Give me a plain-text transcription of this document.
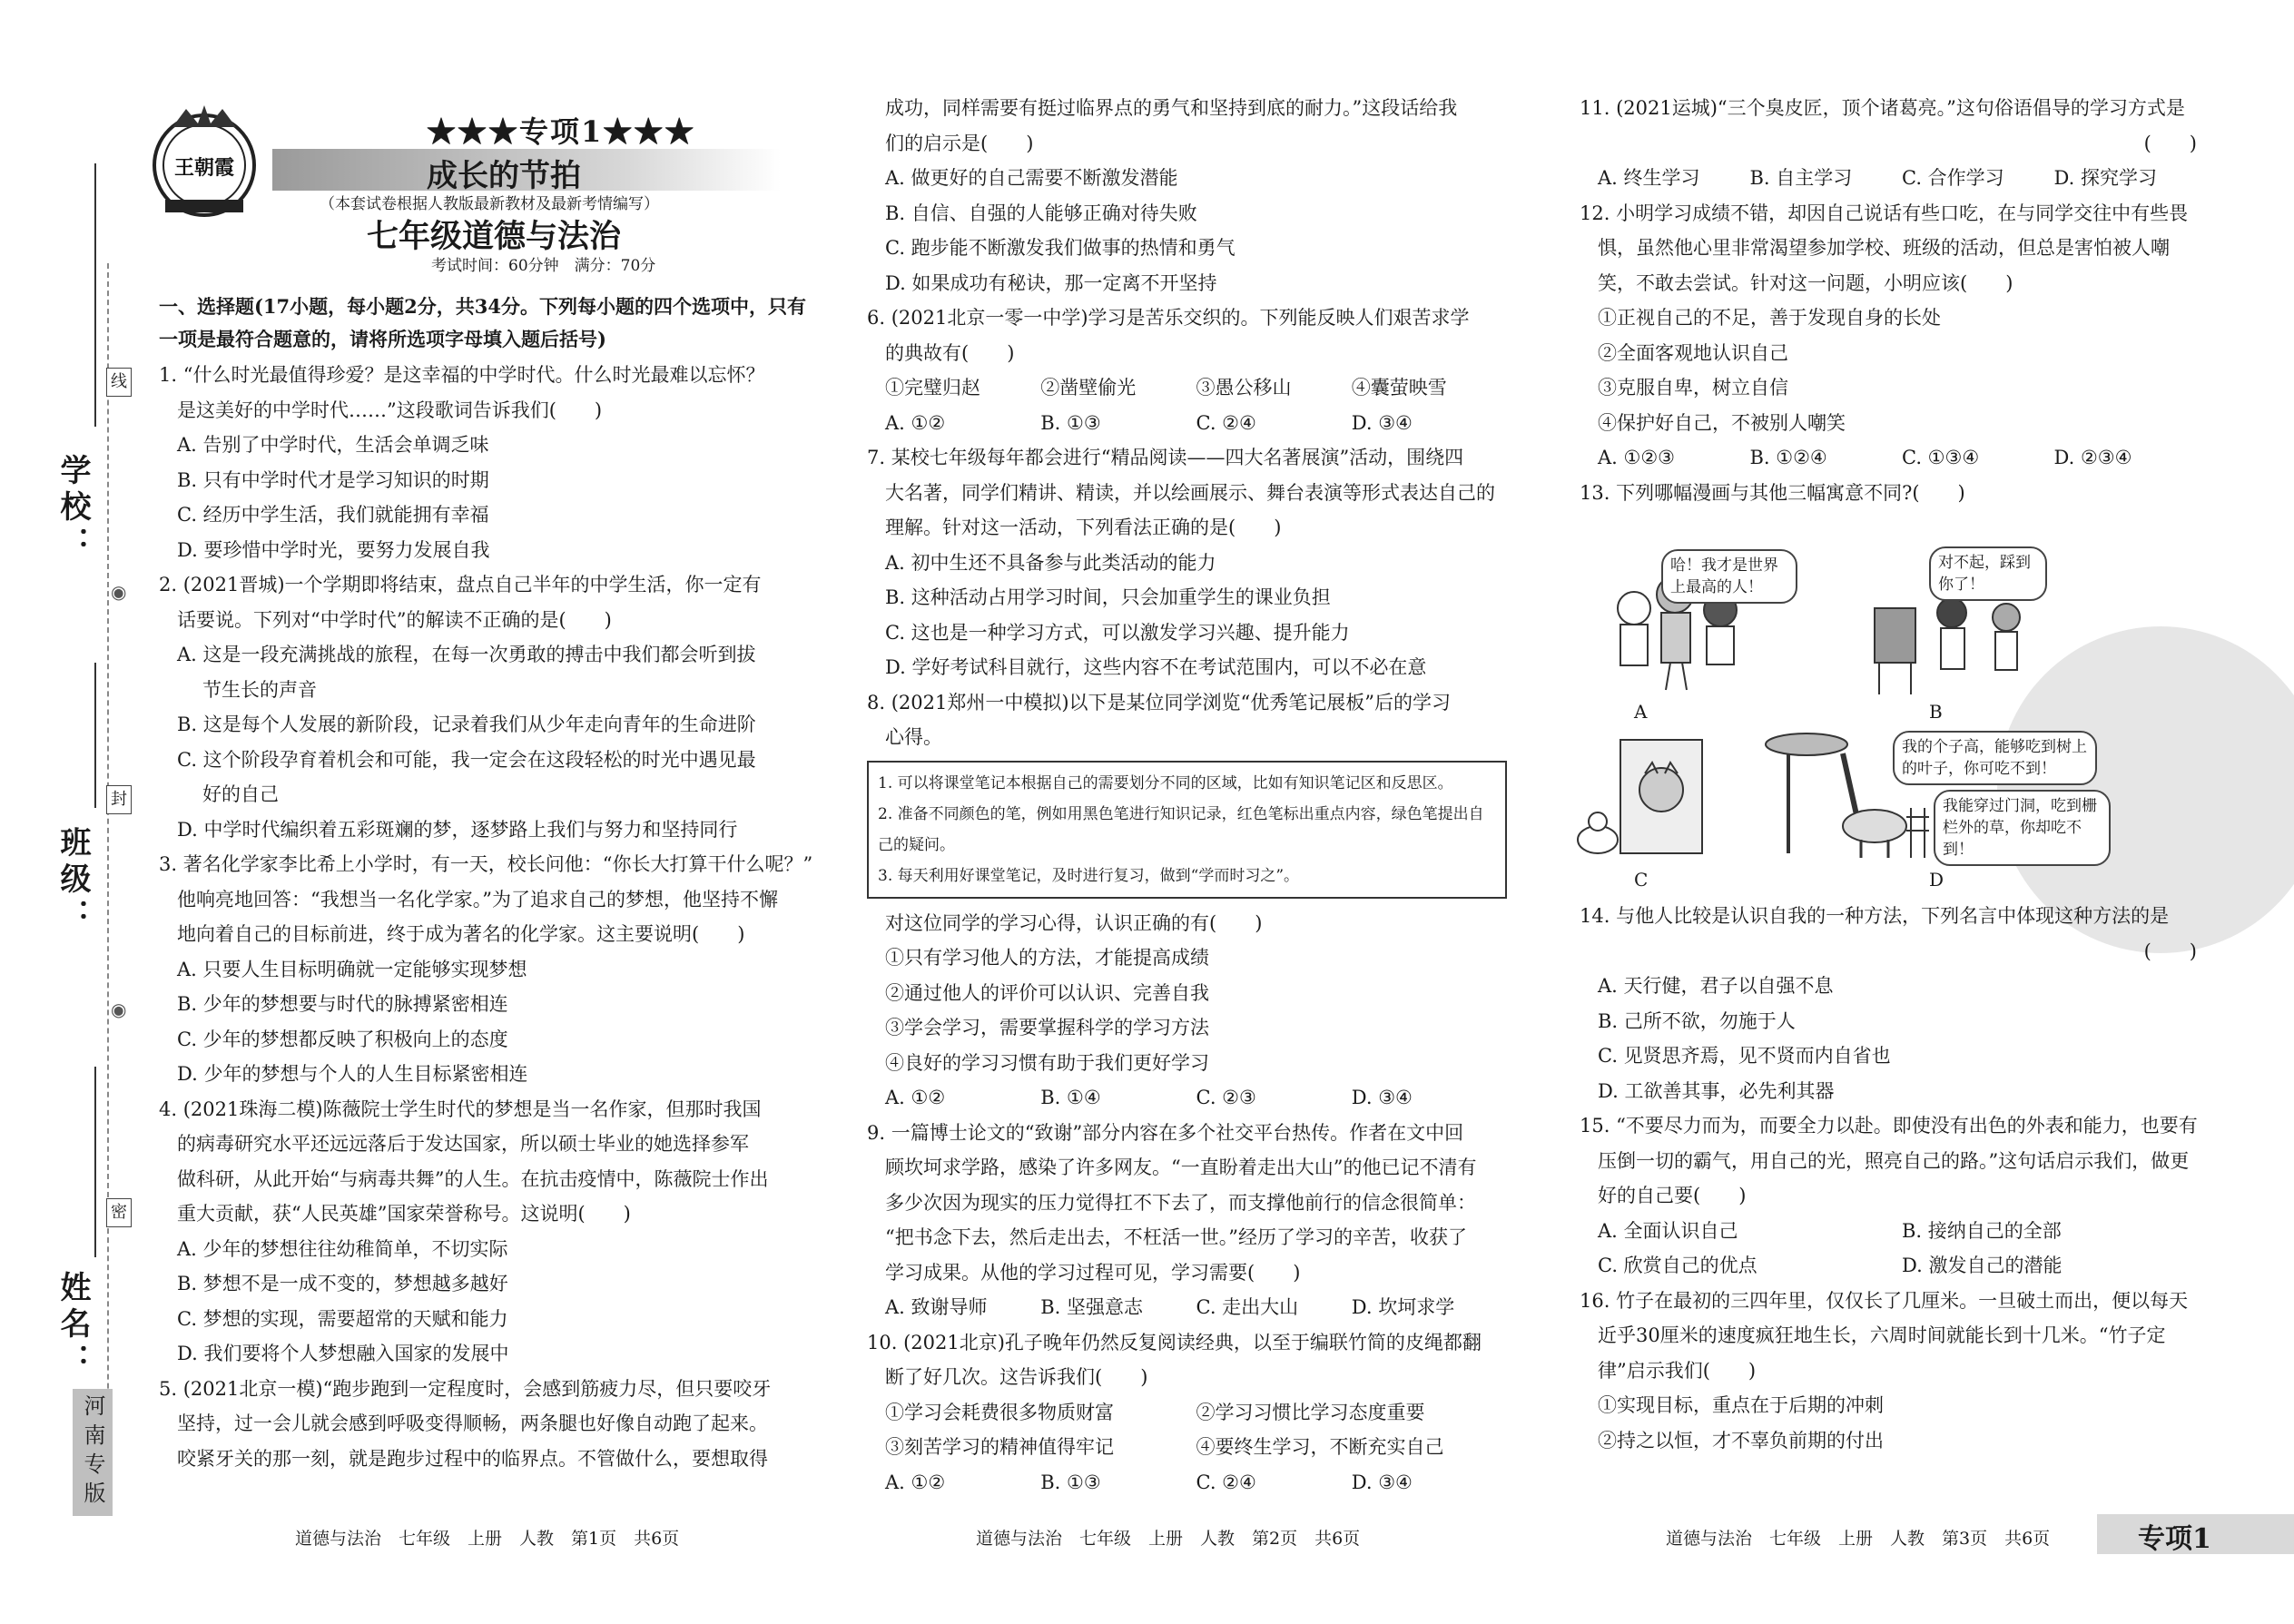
学校：
班级：
姓名：
线
封
密
◉
◉
河南专版
王朝霞
★★★专项1★★★
成长的节拍
（本套试卷根据人教版最新教材及最新考情编写）
七年级道德与法治
考试时间：60分钟　满分：70分

一、选择题(17小题，每小题2分，共34分。下列每小题的四个选项中，只有一项是最符合题意的，请将所选项字母填入题后括号)

1. “什么时光最值得珍爱？是这幸福的中学时代。什么时光最难以忘怀？

是这美好的中学时代……”这段歌词告诉我们(　　)

A. 告别了中学时代，生活会单调乏味

B. 只有中学时代才是学习知识的时期

C. 经历中学生活，我们就能拥有幸福

D. 要珍惜中学时光，要努力发展自我

2. (2021晋城)一个学期即将结束，盘点自己半年的中学生活，你一定有

话要说。下列对“中学时代”的解读不正确的是(　　)

A. 这是一段充满挑战的旅程，在每一次勇敢的搏击中我们都会听到拔

节生长的声音

B. 这是每个人发展的新阶段，记录着我们从少年走向青年的生命进阶

C. 这个阶段孕育着机会和可能，我一定会在这段轻松的时光中遇见最

好的自己

D. 中学时代编织着五彩斑斓的梦，逐梦路上我们与努力和坚持同行

3. 著名化学家李比希上小学时，有一天，校长问他：“你长大打算干什么呢？”

他响亮地回答：“我想当一名化学家。”为了追求自己的梦想，他坚持不懈

地向着自己的目标前进，终于成为著名的化学家。这主要说明(　　)

A. 只要人生目标明确就一定能够实现梦想

B. 少年的梦想要与时代的脉搏紧密相连

C. 少年的梦想都反映了积极向上的态度

D. 少年的梦想与个人的人生目标紧密相连

4. (2021珠海二模)陈薇院士学生时代的梦想是当一名作家，但那时我国

的病毒研究水平还远远落后于发达国家，所以硕士毕业的她选择参军

做科研，从此开始“与病毒共舞”的人生。在抗击疫情中，陈薇院士作出

重大贡献，获“人民英雄”国家荣誉称号。这说明(　　)

A. 少年的梦想往往幼稚简单，不切实际

B. 梦想不是一成不变的，梦想越多越好

C. 梦想的实现，需要超常的天赋和能力

D. 我们要将个人梦想融入国家的发展中

5. (2021北京一模)“跑步跑到一定程度时，会感到筋疲力尽，但只要咬牙

坚持，过一会儿就会感到呼吸变得顺畅，两条腿也好像自动跑了起来。

咬紧牙关的那一刻，就是跑步过程中的临界点。不管做什么，要想取得

道德与法治　七年级　上册　人教　第1页　共6页

成功，同样需要有挺过临界点的勇气和坚持到底的耐力。”这段话给我

们的启示是(　　)

A. 做更好的自己需要不断激发潜能

B. 自信、自强的人能够正确对待失败

C. 跑步能不断激发我们做事的热情和勇气

D. 如果成功有秘诀，那一定离不开坚持

6. (2021北京一零一中学)学习是苦乐交织的。下列能反映人们艰苦求学

的典故有(　　)

①完璧归赵	②凿壁偷光	③愚公移山	④囊萤映雪
A. ①②	B. ①③	C. ②④	D. ③④

7. 某校七年级每年都会进行“精品阅读——四大名著展演”活动，围绕四

大名著，同学们精讲、精读，并以绘画展示、舞台表演等形式表达自己的

理解。针对这一活动，下列看法正确的是(　　)

A. 初中生还不具备参与此类活动的能力

B. 这种活动占用学习时间，只会加重学生的课业负担

C. 这也是一种学习方式，可以激发学习兴趣、提升能力

D. 学好考试科目就行，这些内容不在考试范围内，可以不必在意

8. (2021郑州一中模拟)以下是某位同学浏览“优秀笔记展板”后的学习

心得。

1. 可以将课堂笔记本根据自己的需要划分不同的区域，比如有知识笔记区和反思区。
2. 准备不同颜色的笔，例如用黑色笔进行知识记录，红色笔标出重点内容，绿色笔提出自己的疑问。
3. 每天利用好课堂笔记，及时进行复习，做到“学而时习之”。

对这位同学的学习心得，认识正确的有(　　)

①只有学习他人的方法，才能提高成绩

②通过他人的评价可以认识、完善自我

③学会学习，需要掌握科学的学习方法

④良好的学习习惯有助于我们更好学习

A. ①②	B. ①④	C. ②③	D. ③④

9. 一篇博士论文的“致谢”部分内容在多个社交平台热传。作者在文中回

顾坎坷求学路，感染了许多网友。“一直盼着走出大山”的他已记不清有

多少次因为现实的压力觉得扛不下去了，而支撑他前行的信念很简单：

“把书念下去，然后走出去，不枉活一世。”经历了学习的辛苦，收获了

学习成果。从他的学习过程可见，学习需要(　　)

A. 致谢导师	B. 坚强意志	C. 走出大山	D. 坎坷求学

10. (2021北京)孔子晚年仍然反复阅读经典，以至于编联竹简的皮绳都翻

断了好几次。这告诉我们(　　)

①学习会耗费很多物质财富	②学习习惯比学习态度重要
③刻苦学习的精神值得牢记	④要终生学习，不断充实自己
A. ①②	B. ①③	C. ②④	D. ③④
道德与法治　七年级　上册　人教　第2页　共6页

11. (2021运城)“三个臭皮匠，顶个诸葛亮。”这句俗语倡导的学习方式是

(　　)

A. 终生学习	B. 自主学习	C. 合作学习	D. 探究学习

12. 小明学习成绩不错，却因自己说话有些口吃，在与同学交往中有些畏

惧，虽然他心里非常渴望参加学校、班级的活动，但总是害怕被人嘲

笑，不敢去尝试。针对这一问题，小明应该(　　)

①正视自己的不足，善于发现自身的长处

②全面客观地认识自己

③克服自卑，树立自信

④保护好自己，不被别人嘲笑

A. ①②③	B. ①②④	C. ①③④	D. ②③④

13. 下列哪幅漫画与其他三幅寓意不同?(　　)

哈！我才是世界上最高的人！
A
对不起，踩到你了！
B
C
我的个子高，能够吃到树上的叶子，你可吃不到！
我能穿过门洞，吃到栅栏外的草，你却吃不到！
D

14. 与他人比较是认识自我的一种方法，下列名言中体现这种方法的是

(　　)

A. 天行健，君子以自强不息

B. 己所不欲，勿施于人

C. 见贤思齐焉，见不贤而内自省也

D. 工欲善其事，必先利其器

15. “不要尽力而为，而要全力以赴。即使没有出色的外表和能力，也要有

压倒一切的霸气，用自己的光，照亮自己的路。”这句话启示我们，做更

好的自己要(　　)

A. 全面认识自己	B. 接纳自己的全部
C. 欣赏自己的优点	D. 激发自己的潜能

16. 竹子在最初的三四年里，仅仅长了几厘米。一旦破土而出，便以每天

近乎30厘米的速度疯狂地生长，六周时间就能长到十几米。“竹子定

律”启示我们(　　)

①实现目标，重点在于后期的冲刺

②持之以恒，才不辜负前期的付出

道德与法治　七年级　上册　人教　第3页　共6页	专项1
